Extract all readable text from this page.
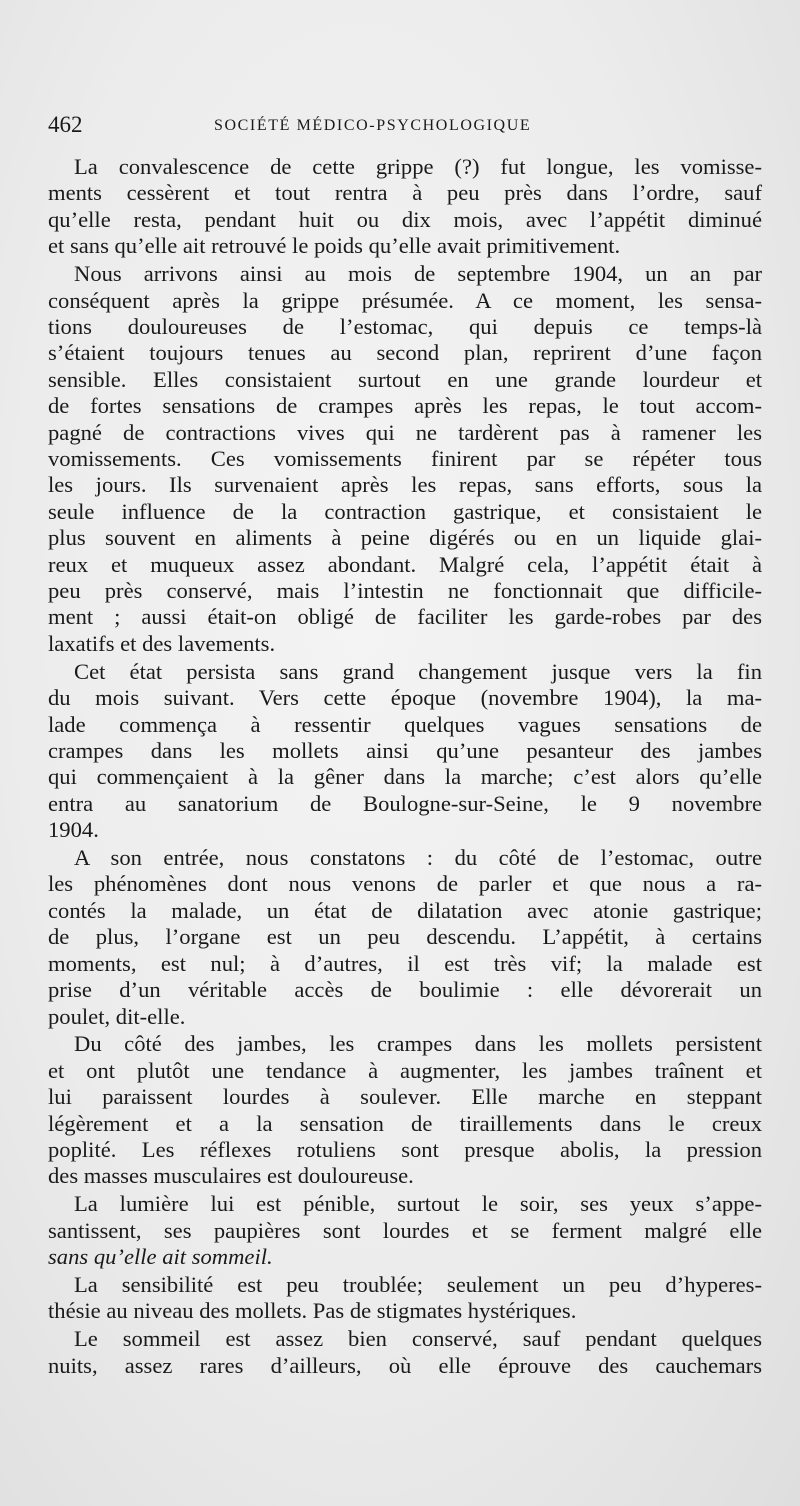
462	SOCIÉTÉ MÉDICO-PSYCHOLOGIQUE
La convalescence de cette grippe (?) fut longue, les vomisse-
ments cessèrent et tout rentra à peu près dans l’ordre, sauf
qu’elle resta, pendant huit ou dix mois, avec l’appétit diminué
et sans qu’elle ait retrouvé le poids qu’elle avait primitivement.
Nous arrivons ainsi au mois de septembre 1904, un an par
conséquent après la grippe présumée. A ce moment, les sensa-
tions douloureuses de l’estomac, qui depuis ce temps-là
s’étaient toujours tenues au second plan, reprirent d’une façon
sensible. Elles consistaient surtout en une grande lourdeur et
de fortes sensations de crampes après les repas, le tout accom-
pagné de contractions vives qui ne tardèrent pas à ramener les
vomissements. Ces vomissements finirent par se répéter tous
les jours. Ils survenaient après les repas, sans efforts, sous la
seule influence de la contraction gastrique, et consistaient le
plus souvent en aliments à peine digérés ou en un liquide glai-
reux et muqueux assez abondant. Malgré cela, l’appétit était à
peu près conservé, mais l’intestin ne fonctionnait que difficile-
ment ; aussi était-on obligé de faciliter les garde-robes par des
laxatifs et des lavements.
Cet état persista sans grand changement jusque vers la fin
du mois suivant. Vers cette époque (novembre 1904), la ma-
lade commença à ressentir quelques vagues sensations de
crampes dans les mollets ainsi qu’une pesanteur des jambes
qui commençaient à la gêner dans la marche; c’est alors qu’elle
entra au sanatorium de Boulogne-sur-Seine, le 9 novembre
1904.
A son entrée, nous constatons : du côté de l’estomac, outre
les phénomènes dont nous venons de parler et que nous a ra-
contés la malade, un état de dilatation avec atonie gastrique;
de plus, l’organe est un peu descendu. L’appétit, à certains
moments, est nul; à d’autres, il est très vif; la malade est
prise d’un véritable accès de boulimie : elle dévorerait un
poulet, dit-elle.
Du côté des jambes, les crampes dans les mollets persistent
et ont plutôt une tendance à augmenter, les jambes traînent et
lui paraissent lourdes à soulever. Elle marche en steppant
légèrement et a la sensation de tiraillements dans le creux
poplité. Les réflexes rotuliens sont presque abolis, la pression
des masses musculaires est douloureuse.
La lumière lui est pénible, surtout le soir, ses yeux s’appe-
santissent, ses paupières sont lourdes et se ferment malgré elle
sans qu’elle ait sommeil.
La sensibilité est peu troublée; seulement un peu d’hyperes-
thésie au niveau des mollets. Pas de stigmates hystériques.
Le sommeil est assez bien conservé, sauf pendant quelques
nuits, assez rares d’ailleurs, où elle éprouve des cauchemars
